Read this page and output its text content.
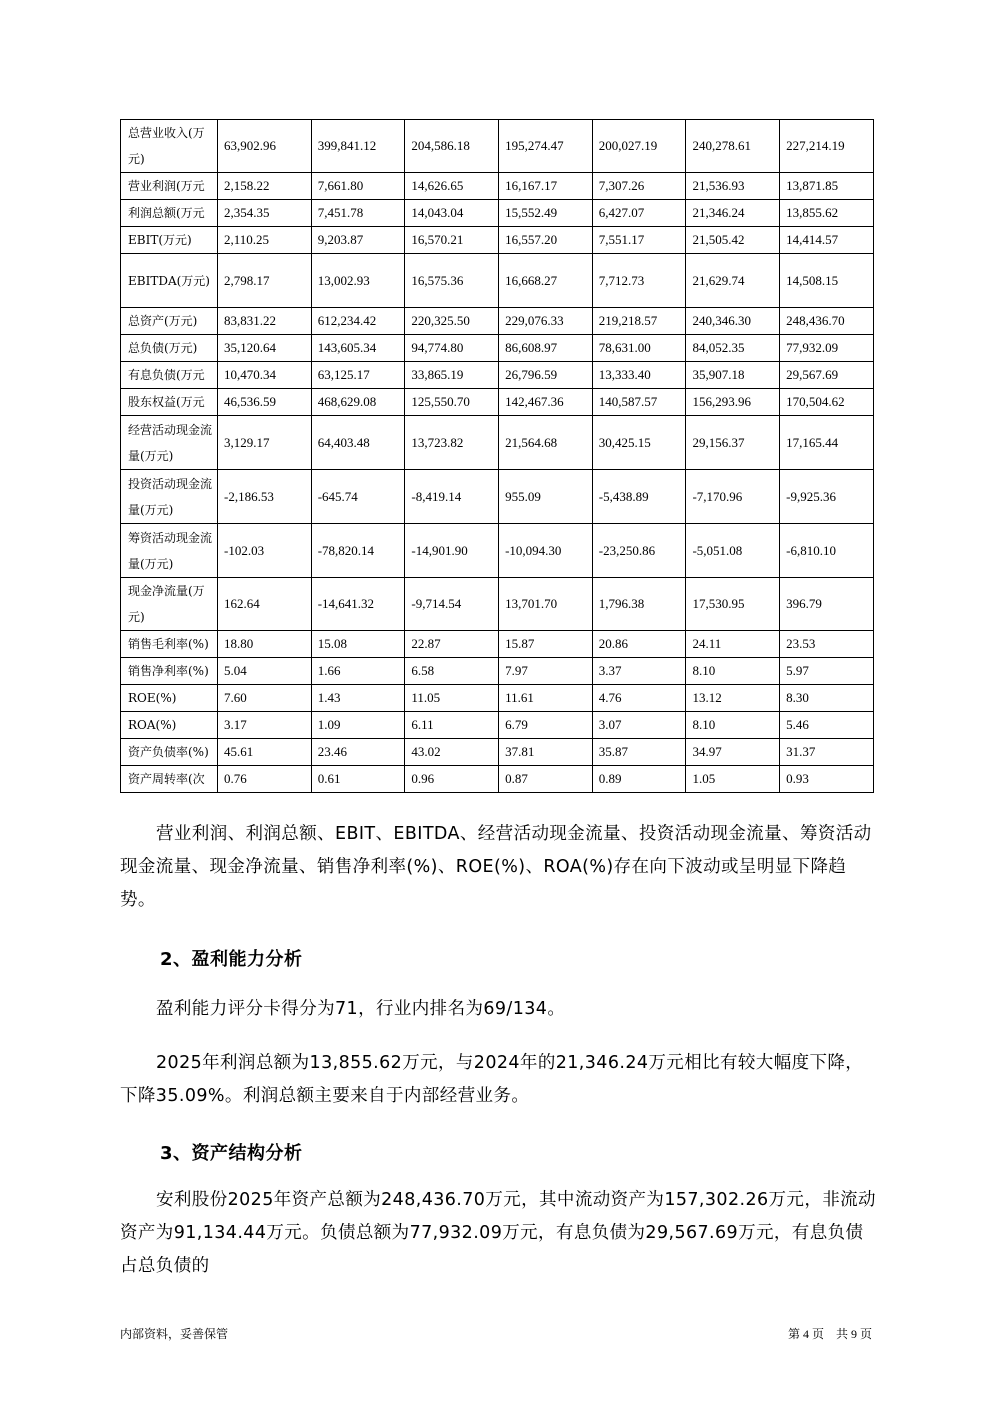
总营业收入(万元)	63,902.96	399,841.12	204,586.18	195,274.47	200,027.19	240,278.61	227,214.19
营业利润(万元	2,158.22	7,661.80	14,626.65	16,167.17	7,307.26	21,536.93	13,871.85
利润总额(万元	2,354.35	7,451.78	14,043.04	15,552.49	6,427.07	21,346.24	13,855.62
EBIT(万元)	2,110.25	9,203.87	16,570.21	16,557.20	7,551.17	21,505.42	14,414.57
EBITDA(万元)	2,798.17	13,002.93	16,575.36	16,668.27	7,712.73	21,629.74	14,508.15
总资产(万元)	83,831.22	612,234.42	220,325.50	229,076.33	219,218.57	240,346.30	248,436.70
总负债(万元)	35,120.64	143,605.34	94,774.80	86,608.97	78,631.00	84,052.35	77,932.09
有息负债(万元	10,470.34	63,125.17	33,865.19	26,796.59	13,333.40	35,907.18	29,567.69
股东权益(万元	46,536.59	468,629.08	125,550.70	142,467.36	140,587.57	156,293.96	170,504.62
经营活动现金流量(万元)	3,129.17	64,403.48	13,723.82	21,564.68	30,425.15	29,156.37	17,165.44
投资活动现金流量(万元)	-2,186.53	-645.74	-8,419.14	955.09	-5,438.89	-7,170.96	-9,925.36
筹资活动现金流量(万元)	-102.03	-78,820.14	-14,901.90	-10,094.30	-23,250.86	-5,051.08	-6,810.10
现金净流量(万元)	162.64	-14,641.32	-9,714.54	13,701.70	1,796.38	17,530.95	396.79
销售毛利率(%)	18.80	15.08	22.87	15.87	20.86	24.11	23.53
销售净利率(%)	5.04	1.66	6.58	7.97	3.37	8.10	5.97
ROE(%)	7.60	1.43	11.05	11.61	4.76	13.12	8.30
ROA(%)	3.17	1.09	6.11	6.79	3.07	8.10	5.46
资产负债率(%)	45.61	23.46	43.02	37.81	35.87	34.97	31.37
资产周转率(次	0.76	0.61	0.96	0.87	0.89	1.05	0.93
营业利润、利润总额、EBIT、EBITDA、经营活动现金流量、投资活动现金流量、筹资活动现金流量、现金净流量、销售净利率(%)、ROE(%)、ROA(%)存在向下波动或呈明显下降趋势。
2、盈利能力分析
盈利能力评分卡得分为71，行业内排名为69/134。
2025年利润总额为13,855.62万元，与2024年的21,346.24万元相比有较大幅度下降，下降35.09%。利润总额主要来自于内部经营业务。
3、资产结构分析
安利股份2025年资产总额为248,436.70万元，其中流动资产为157,302.26万元，非流动资产为91,134.44万元。负债总额为77,932.09万元，有息负债为29,567.69万元，有息负债占总负债的
内部资料，妥善保管	第 4 页　共 9 页
